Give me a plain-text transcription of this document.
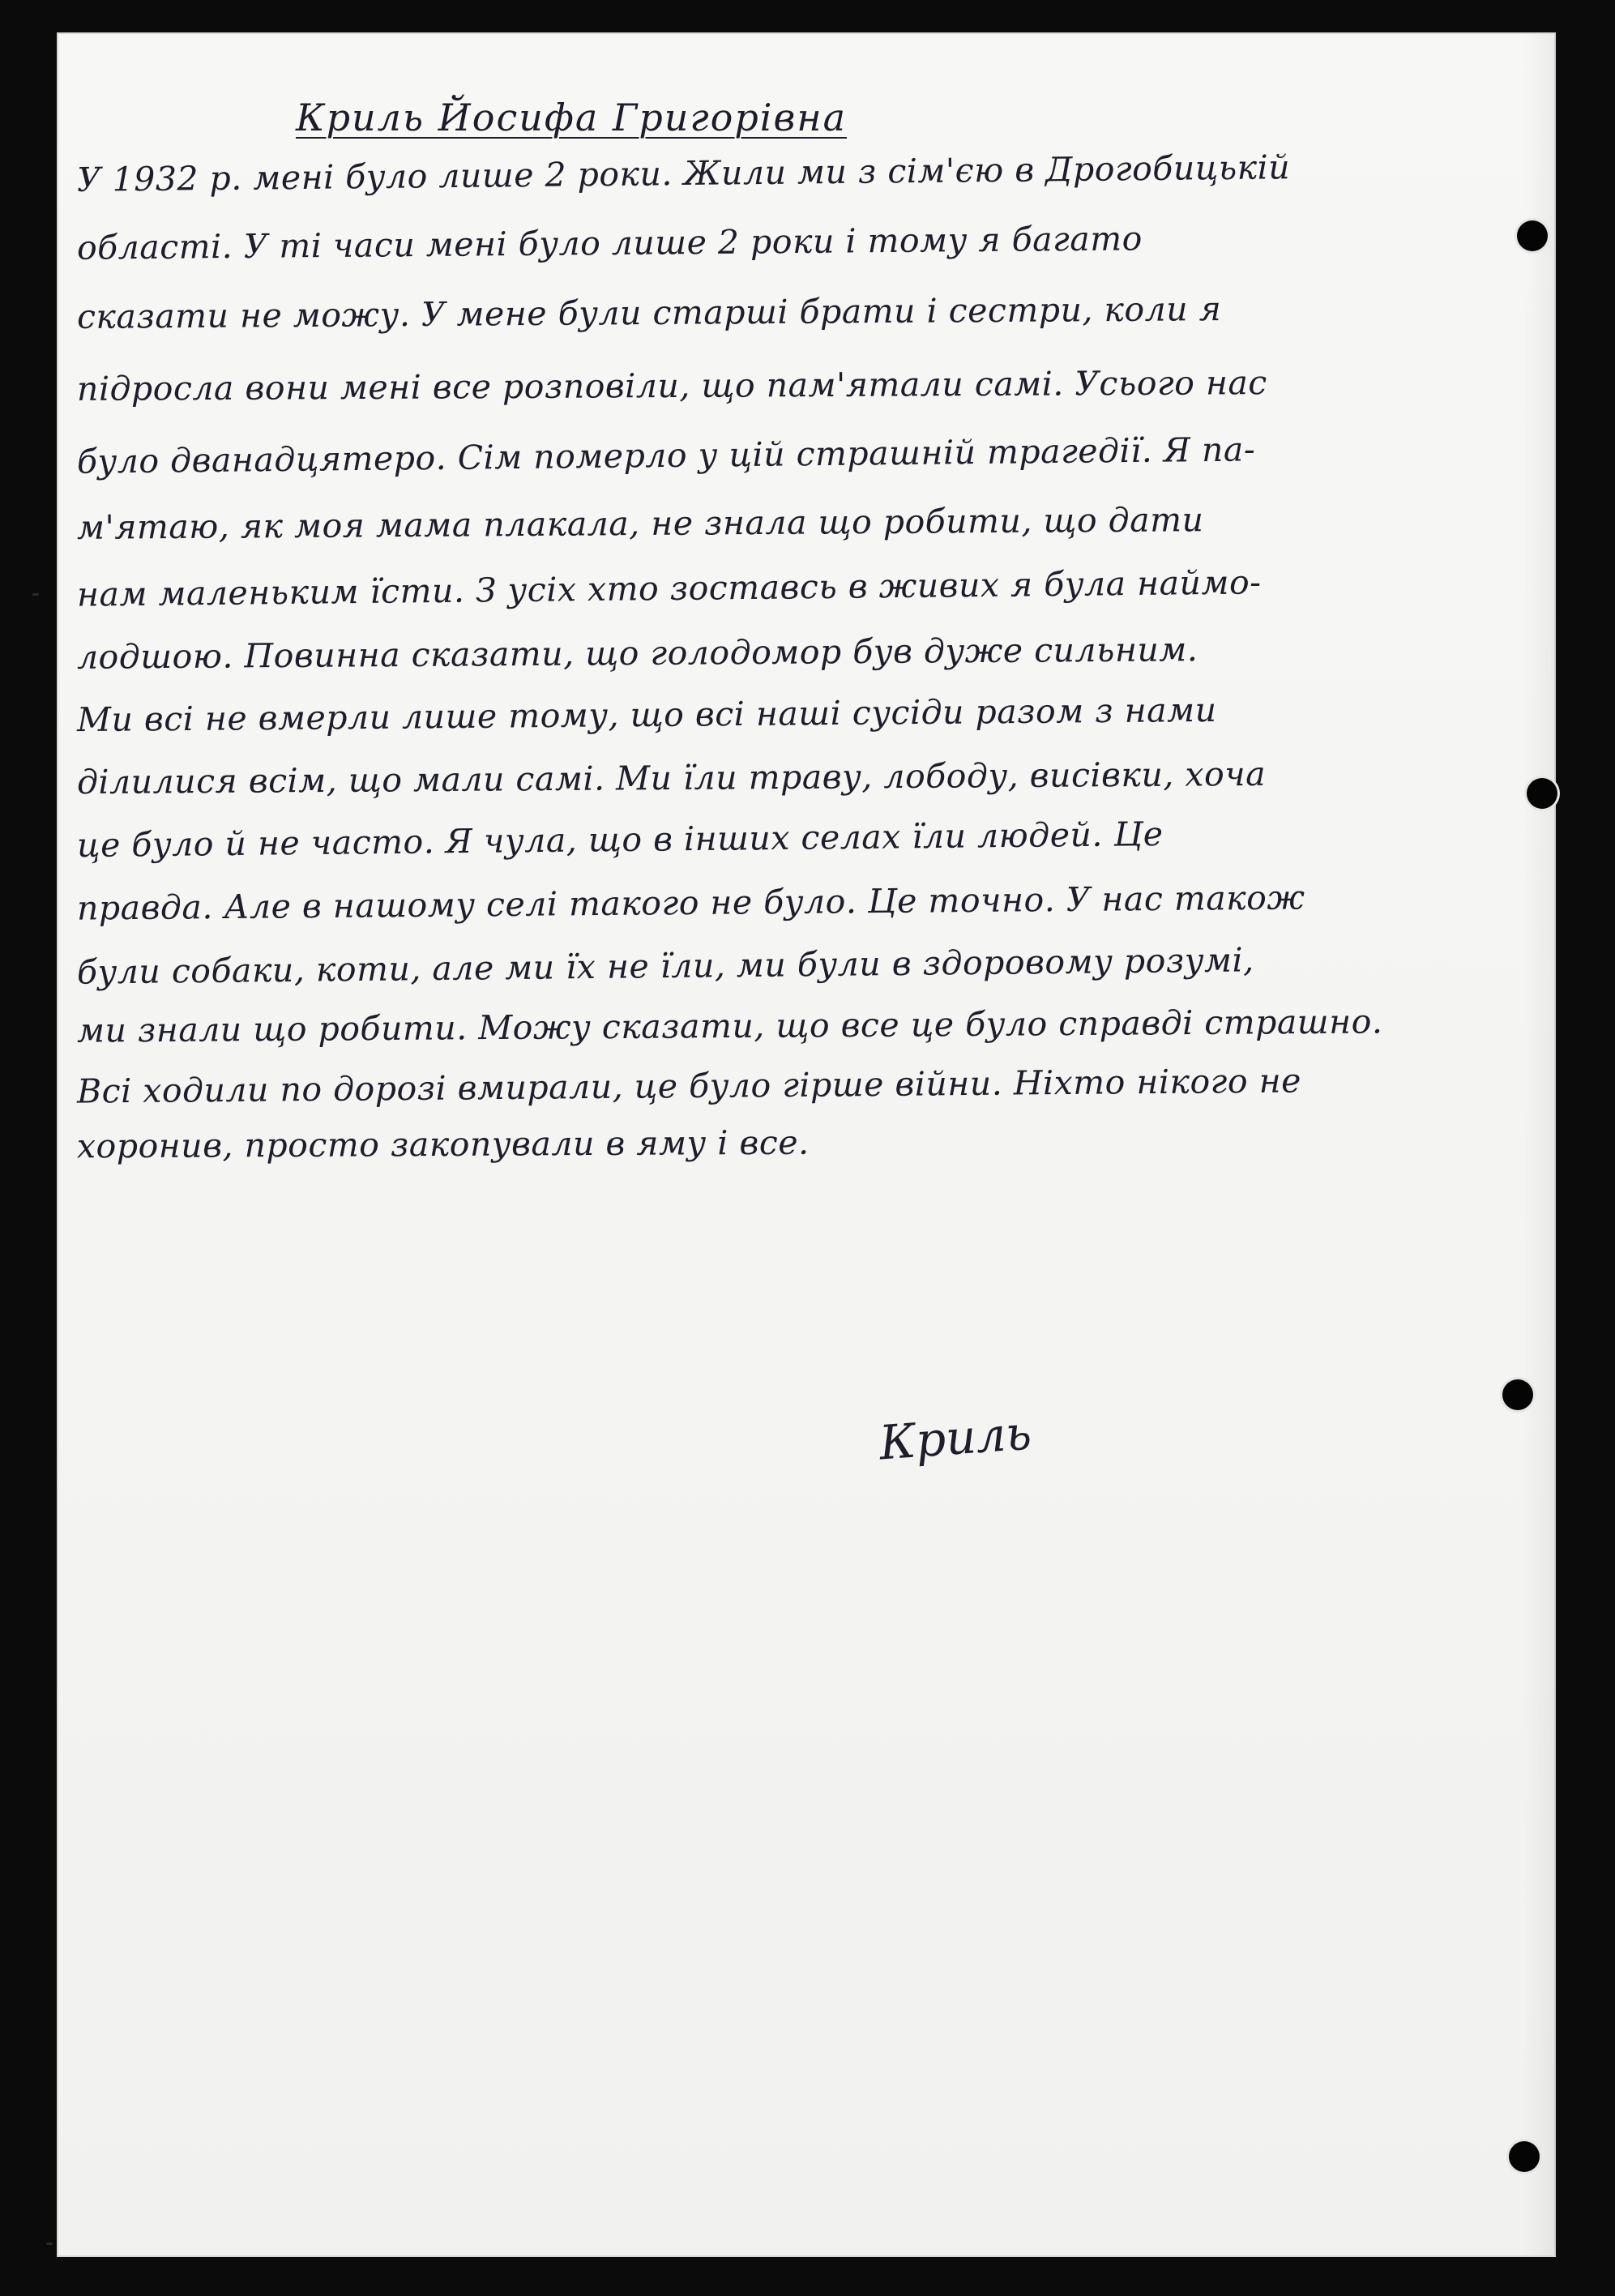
Криль Йосифа Григорівна
У 1932 р. мені було лише 2 роки. Жили ми з сім'єю в Дрогобицькій
області. У ті часи мені було лише 2 роки і тому я багато
сказати не можу. У мене були старші брати і сестри, коли я
підросла вони мені все розповіли, що пам'ятали самі. Усього нас
було дванадцятеро. Сім померло у цій страшній трагедії. Я па-
м'ятаю, як моя мама плакала, не знала що робити, що дати
нам маленьким їсти. З усіх хто зоставсь в живих я була наймо-
лодшою. Повинна сказати, що голодомор був дуже сильним.
Ми всі не вмерли лише тому, що всі наші сусіди разом з нами
ділилися всім, що мали самі. Ми їли траву, лободу, висівки, хоча
це було й не часто. Я чула, що в інших селах їли людей. Це
правда. Але в нашому селі такого не було. Це точно. У нас також
були собаки, коти, але ми їх не їли, ми були в здоровому розумі,
ми знали що робити. Можу сказати, що все це було справді страшно.
Всі ходили по дорозі вмирали, це було гірше війни. Ніхто нікого не
хоронив, просто закопували в яму і все.
Криль
